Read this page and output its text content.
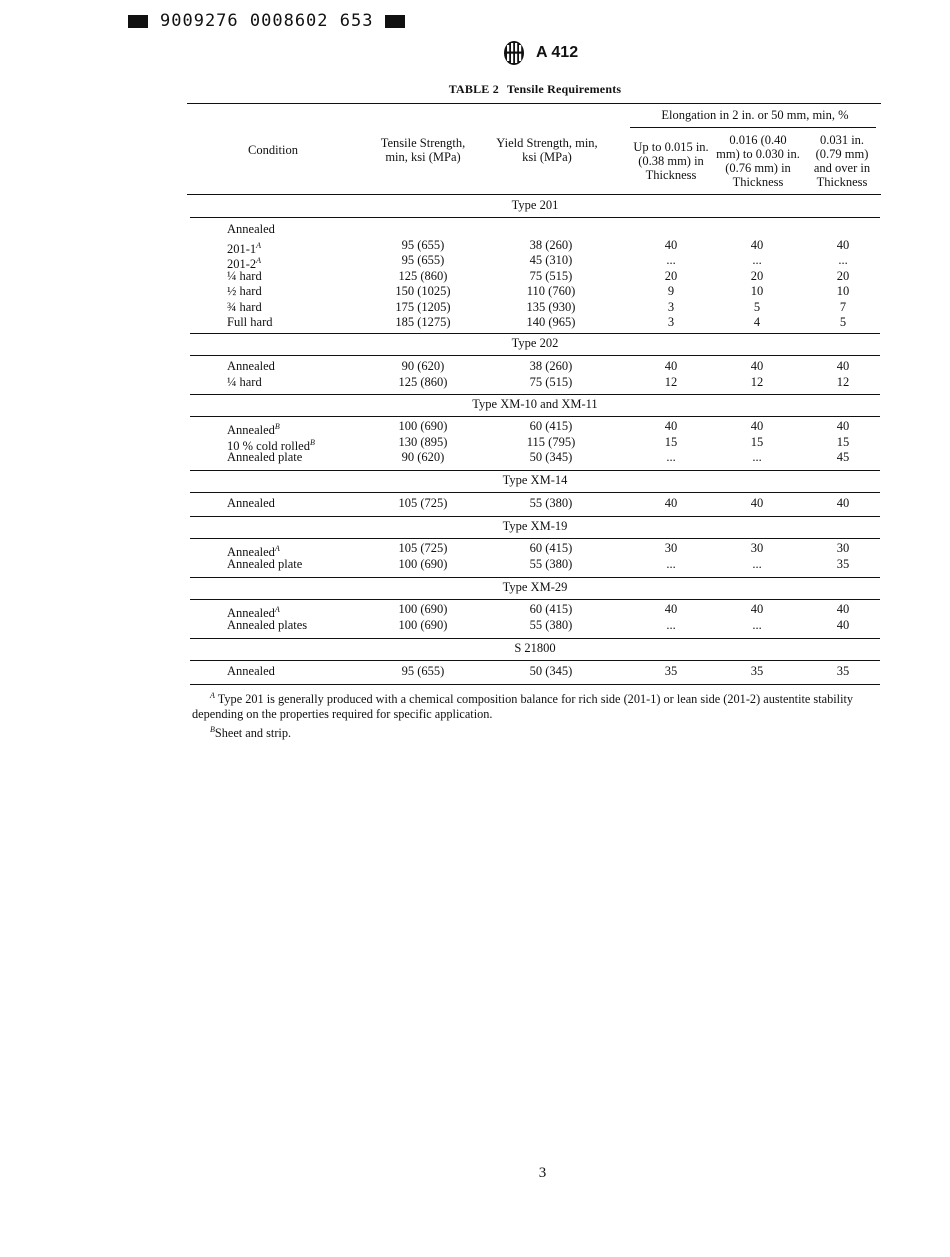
9009276 0008602 653
A 412
TABLE 2 Tensile Requirements
Elongation in 2 in. or 50 mm, min, %
Condition	Tensile Strength, min, ksi (MPa)
Yield Strength, min, ksi (MPa)
Up to 0.015 in. (0.38 mm) in Thickness
0.016 (0.40 mm) to 0.030 in. (0.76 mm) in Thickness
0.031 in. (0.79 mm) and over in Thickness
Type 201
Annealed
$201-1^A$	95 (655)	38 (260)	40	40	40
$201-2^A$	95 (655)	45 (310)	...	...	...
¼ hard	125 (860)	75 (515)	20	20	20
½ hard	150 (1025)	110 (760)	9	10	10
¾ hard	175 (1205)	135 (930)	3	5	7
Full hard	185 (1275)	140 (965)	3	4	5
Type 202
Annealed	90 (620)	38 (260)	40	40	40
¼ hard	125 (860)	75 (515)	12	12	12
Type XM-10 and XM-11
Annealed$^B$	100 (690)	60 (415)	40	40	40
10 % cold rolled$^B$	130 (895)	115 (795)	15	15	15
Annealed plate	90 (620)	50 (345)	...	...	45
Type XM-14
Annealed	105 (725)	55 (380)	40	40	40
Type XM-19
Annealed$^A$	105 (725)	60 (415)	30	30	30
Annealed plate	100 (690)	55 (380)	...	...	35
Type XM-29
Annealed$^A$	100 (690)	60 (415)	40	40	40
Annealed plates	100 (690)	55 (380)	...	...	40
S 21800
Annealed	95 (655)	50 (345)	35	35	35

$^A$ Type 201 is generally produced with a chemical composition balance for rich side (201-1) or lean side (201-2) austentite stability depending on the properties required for specific application.

$^B$Sheet and strip.

3
